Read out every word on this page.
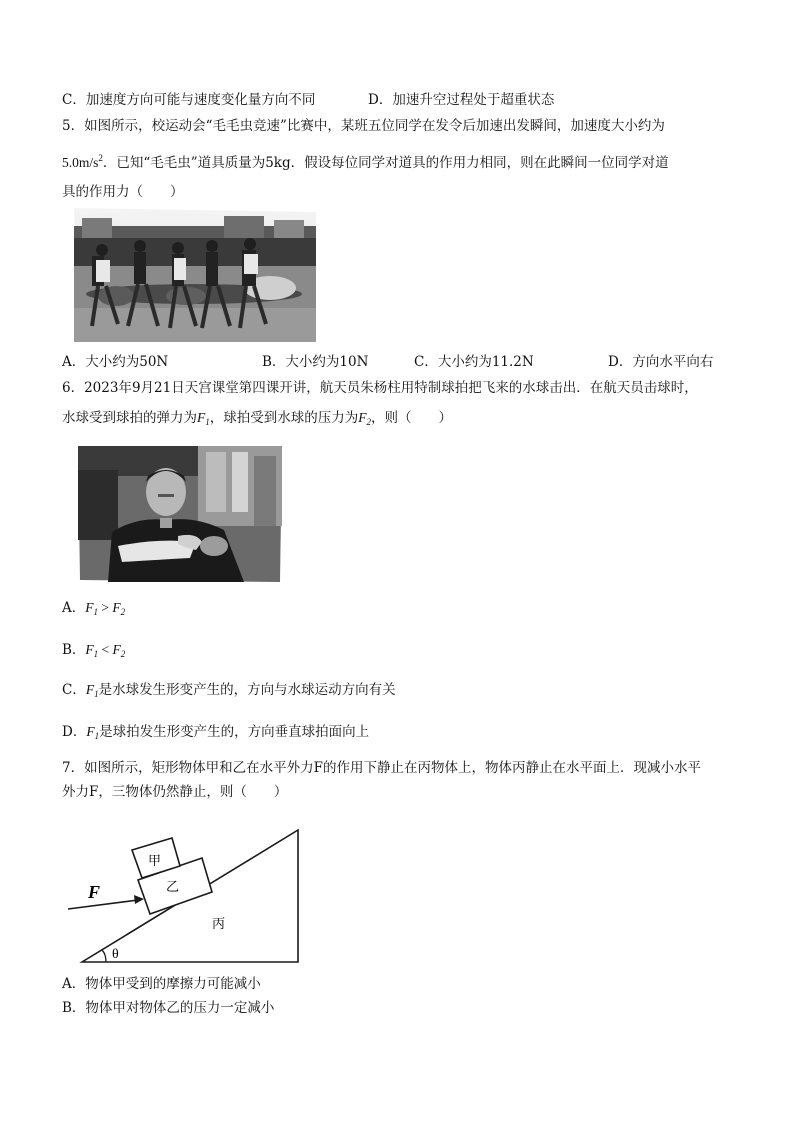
C．加速度方向可能与速度变化量方向不同	D．加速升空过程处于超重状态
5．如图所示，校运动会“毛毛虫竞速”比赛中，某班五位同学在发令后加速出发瞬间，加速度大小约为
$5.0m/s^2$．已知“毛毛虫”道具质量为5kg．假设每位同学对道具的作用力相同，则在此瞬间一位同学对道
具的作用力（　　）
A．大小约为50N	B．大小约为10N	C．大小约为11.2N	D．方向水平向右
6．2023年9月21日天宫课堂第四课开讲，航天员朱杨柱用特制球拍把飞来的水球击出．在航天员击球时，
水球受到球拍的弹力为$F_1$，球拍受到水球的压力为$F_2$，则（　　）
A．$F_1 > F_2$
B．$F_1 < F_2$
C．$F_1$是水球发生形变产生的，方向与水球运动方向有关
D．$F_1$是球拍发生形变产生的，方向垂直球拍面向上
7．如图所示，矩形物体甲和乙在水平外力F的作用下静止在丙物体上，物体丙静止在水平面上．现减小水平
外力F，三物体仍然静止，则（　　）
甲
乙
丙
F
θ
A．物体甲受到的摩擦力可能减小
B．物体甲对物体乙的压力一定减小
